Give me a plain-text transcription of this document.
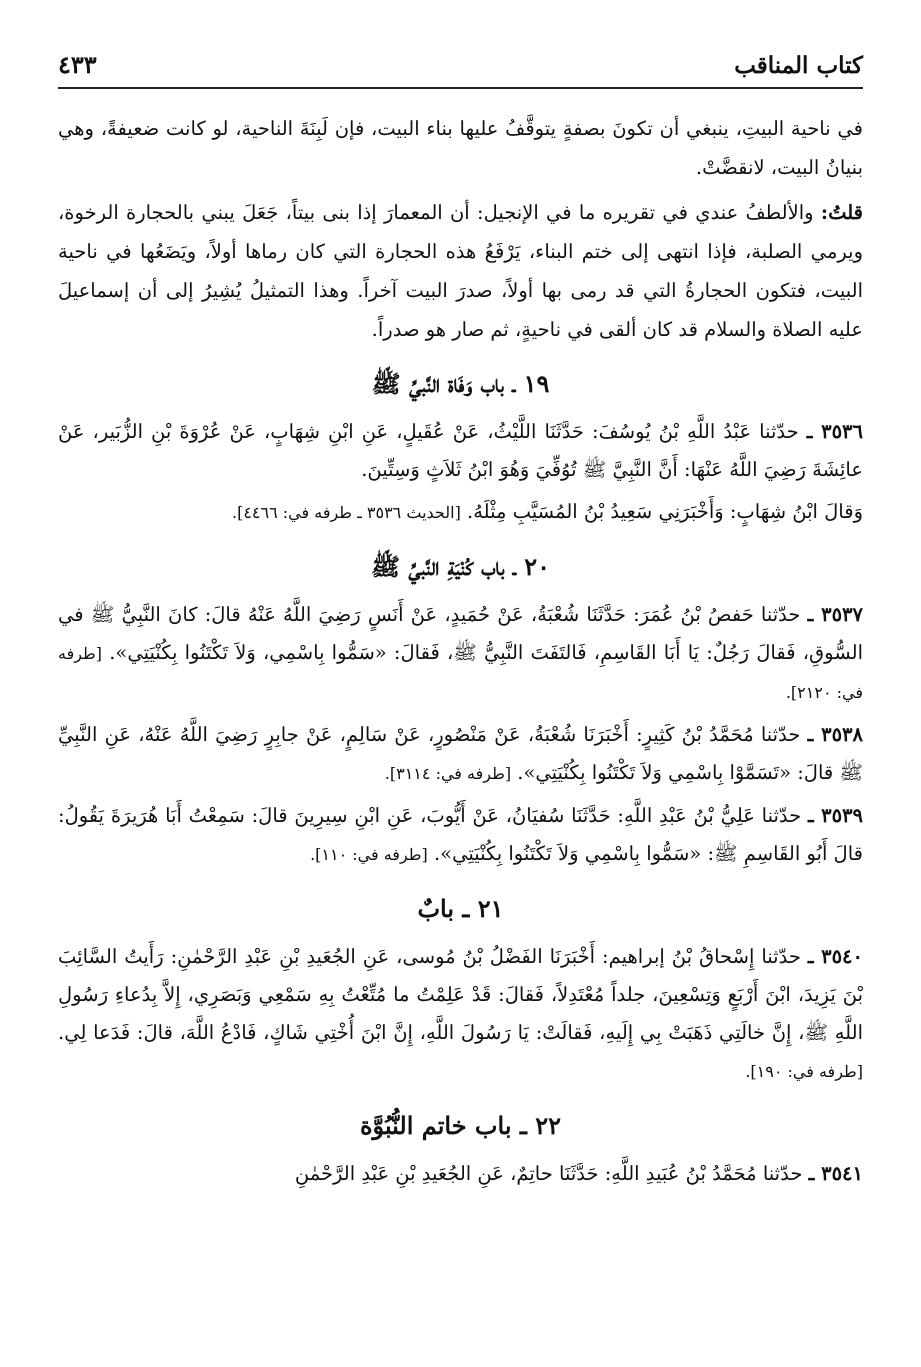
كتاب المناقب
٤٣٣

في ناحية البيتِ، ينبغي أن تكونَ بصفةٍ يتوقَّفُ عليها بناء البيت، فإن لَبِنَةَ الناحية، لو كانت ضعيفةً، وهي بنيانُ البيت، لانقضَّتْ.

قلتُ: والألطفُ عندي في تقريره ما في الإنجيل: أن المعمارَ إذا بنى بيتاً، جَعَلَ يبني بالحجارة الرخوة، ويرمي الصلبة، فإذا انتهى إلى ختم البناء، يَرْفَعُ هذه الحجارة التي كان رماها أولاً، ويَضَعُها في ناحية البيت، فتكون الحجارةُ التي قد رمى بها أولاً، صدرَ البيت آخراً. وهذا التمثيلُ يُشِيرُ إلى أن إسماعيلَ عليه الصلاة والسلام قد كان ألقى في ناحيةٍ، ثم صار هو صدراً.

١٩ ـ باب وَفَاة النَّبيِّ ﷺ

٣٥٣٦ ـ حدّثنا عَبْدُ اللَّهِ بْنُ يُوسُفَ: حَدَّثَنَا اللَّيْثُ، عَنْ عُقَيلٍ، عَنِ ابْنِ شِهَابٍ، عَنْ عُرْوَةَ بْنِ الزُّبَير، عَنْ عائِشَةَ رَضِيَ اللَّهُ عَنْهَا: أَنَّ النَّبِيَّ ﷺ تُوُفِّيَ وَهُوَ ابْنُ ثَلاَثٍ وَسِتِّينَ.

وَقالَ ابْنُ شِهَابٍ: وَأَخْبَرَنِي سَعِيدُ بْنُ المُسَيَّبِ مِثْلَهُ. [الحديث ٣٥٣٦ ـ طرفه في: ٤٤٦٦].

٢٠ ـ باب كُنْيَةِ النَّبيِّ ﷺ

٣٥٣٧ ـ حدّثنا حَفصُ بْنُ عُمَرَ: حَدَّثَنَا شُعْبَةُ، عَنْ حُمَيدٍ، عَنْ أَنَسٍ رَضِيَ اللَّهُ عَنْهُ قالَ: كانَ النَّبِيُّ ﷺ في السُّوقِ، فَقالَ رَجُلٌ: يَا أَبَا القَاسِمِ، فَالتَفَتَ النَّبِيُّ ﷺ، فَقالَ: «سَمُّوا بِاسْمِي، وَلاَ تَكْتَنُوا بِكُنْيَتِي». [طرفه في: ٢١٢٠].

٣٥٣٨ ـ حدّثنا مُحَمَّدُ بْنُ كَثِيرٍ: أَخْبَرَنَا شُعْبَةُ، عَنْ مَنْصُورٍ، عَنْ سَالِمٍ، عَنْ جابِرٍ رَضِيَ اللَّهُ عَنْهُ، عَنِ النَّبِيِّ ﷺ قالَ: «تَسَمَّوْا بِاسْمِي وَلاَ تَكْتَنُوا بِكُنْيَتِي». [طرفه في: ٣١١٤].

٣٥٣٩ ـ حدّثنا عَلِيُّ بْنُ عَبْدِ اللَّهِ: حَدَّثَنَا سُفيَانُ، عَنْ أَيُّوبَ، عَنِ ابْنِ سِيرِينَ قالَ: سَمِعْتُ أَبَا هُرَيرَةَ يَقُولُ: قالَ أَبُو القَاسِمِ ﷺ: «سَمُّوا بِاسْمِي وَلاَ تَكْتَنُوا بِكُنْيَتِي». [طرفه في: ١١٠].

٢١ ـ بابٌ

٣٥٤٠ ـ حدّثنا إِسْحاقُ بْنُ إبراهيم: أَخْبَرَنَا الفَضْلُ بْنُ مُوسى، عَنِ الجُعَيدِ بْنِ عَبْدِ الرَّحْمٰنِ: رَأَيتُ السَّائِبَ بْنَ يَزِيدَ، ابْنَ أَرْبَعٍ وَتِسْعِينَ، جلداً مُعْتَدِلاً، فَقالَ: قَدْ عَلِمْتُ ما مُتِّعْتُ بِهِ سَمْعِي وَبَصَرِي، إِلاَّ بِدُعاءِ رَسُولِ اللَّهِ ﷺ، إِنَّ خالَتِي ذَهَبَتْ بِي إِلَيهِ، فَقالَتْ: يَا رَسُولَ اللَّهِ، إِنَّ ابْنَ أُخْتِي شَاكٍ، فَادْعُ اللَّهَ، قالَ: فَدَعا لِي. [طرفه في: ١٩٠].

٢٢ ـ باب خاتم النُّبُوَّة

٣٥٤١ ـ حدّثنا مُحَمَّدُ بْنُ عُبَيدِ اللَّهِ: حَدَّثَنَا حاتِمٌ، عَنِ الجُعَيدِ بْنِ عَبْدِ الرَّحْمٰنِ
